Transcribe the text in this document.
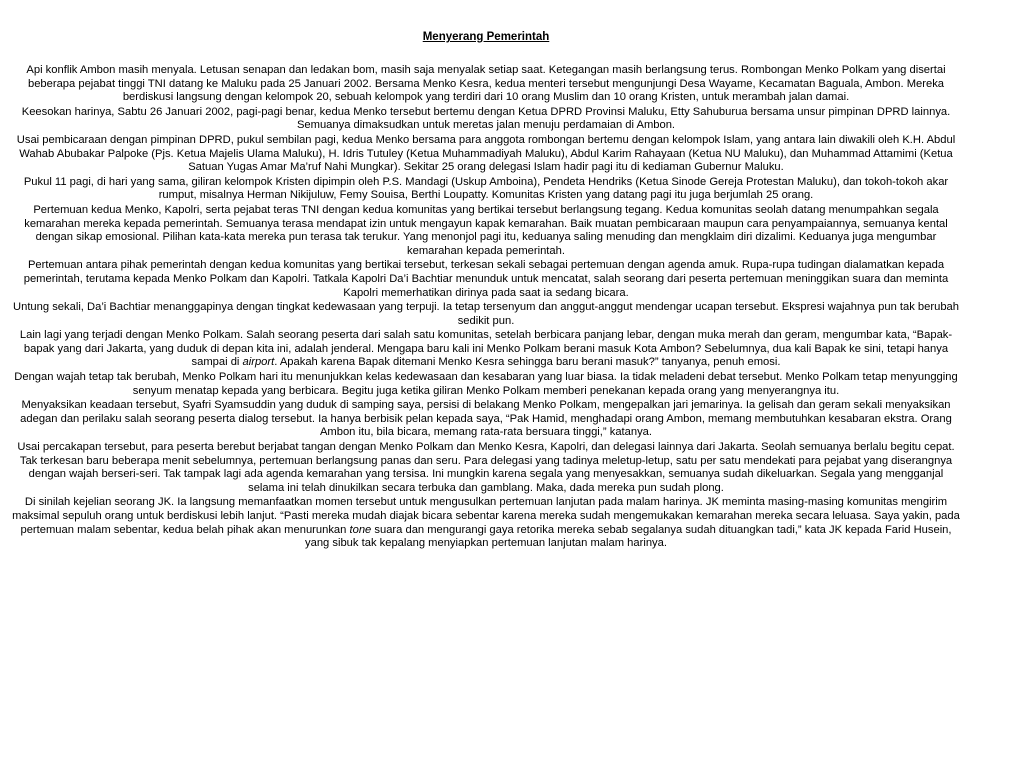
Menyerang Pemerintah

Api konflik Ambon masih menyala. Letusan senapan dan ledakan bom, masih saja menyalak setiap saat. Ketegangan masih berlangsung terus. Rombongan Menko Polkam yang disertai beberapa pejabat tinggi TNI datang ke Maluku pada 25 Januari 2002. Bersama Menko Kesra, kedua menteri tersebut mengunjungi Desa Wayame, Kecamatan Baguala, Ambon. Mereka berdiskusi langsung dengan kelompok 20, sebuah kelompok yang terdiri dari 10 orang Muslim dan 10 orang Kristen, untuk merambah jalan damai.

Keesokan harinya, Sabtu 26 Januari 2002, pagi-pagi benar, kedua Menko tersebut bertemu dengan Ketua DPRD Provinsi Maluku, Etty Sahuburua bersama unsur pimpinan DPRD lainnya. Semuanya dimaksudkan untuk meretas jalan menuju perdamaian di Ambon.

Usai pembicaraan dengan pimpinan DPRD, pukul sembilan pagi, kedua Menko bersama para anggota rombongan bertemu dengan kelompok Islam, yang antara lain diwakili oleh K.H. Abdul Wahab Abubakar Palpoke (Pjs. Ketua Majelis Ulama Maluku), H. Idris Tutuley (Ketua Muhammadiyah Maluku), Abdul Karim Rahayaan (Ketua NU Maluku), dan Muhammad Attamimi (Ketua Satuan Yugas Amar Ma’ruf Nahi Mungkar). Sekitar 25 orang delegasi Islam hadir pagi itu di kediaman Gubernur Maluku.

Pukul 11 pagi, di hari yang sama, giliran kelompok Kristen dipimpin oleh P.S. Mandagi (Uskup Amboina), Pendeta Hendriks (Ketua Sinode Gereja Protestan Maluku), dan tokoh-tokoh akar rumput, misalnya Herman Nikijuluw, Femy Souisa, Berthi Loupatty. Komunitas Kristen yang datang pagi itu juga berjumlah 25 orang.

Pertemuan kedua Menko, Kapolri, serta pejabat teras TNI dengan kedua komunitas yang bertikai tersebut berlangsung tegang. Kedua komunitas seolah datang menumpahkan segala kemarahan mereka kepada pemerintah. Semuanya terasa mendapat izin untuk mengayun kapak kemarahan. Baik muatan pembicaraan maupun cara penyampaiannya, semuanya kental dengan sikap emosional. Pilihan kata-kata mereka pun terasa tak terukur. Yang menonjol pagi itu, keduanya saling menuding dan mengklaim diri dizalimi. Keduanya juga mengumbar kemarahan kepada pemerintah.

Pertemuan antara pihak pemerintah dengan kedua komunitas yang bertikai tersebut, terkesan sekali sebagai pertemuan dengan agenda amuk. Rupa-rupa tudingan dialamatkan kepada pemerintah, terutama kepada Menko Polkam dan Kapolri. Tatkala Kapolri Da’i Bachtiar menunduk untuk mencatat, salah seorang dari peserta pertemuan meninggikan suara dan meminta Kapolri memerhatikan dirinya pada saat ia sedang bicara.

Untung sekali, Da’i Bachtiar menanggapinya dengan tingkat kedewasaan yang terpuji. Ia tetap tersenyum dan anggut-anggut mendengar ucapan tersebut. Ekspresi wajahnya pun tak berubah sedikit pun.

Lain lagi yang terjadi dengan Menko Polkam. Salah seorang peserta dari salah satu komunitas, setelah berbicara panjang lebar, dengan muka merah dan geram, mengumbar kata, “Bapak-bapak yang dari Jakarta, yang duduk di depan kita ini, adalah jenderal. Mengapa baru kali ini Menko Polkam berani masuk Kota Ambon? Sebelumnya, dua kali Bapak ke sini, tetapi hanya sampai di airport. Apakah karena Bapak ditemani Menko Kesra sehingga baru berani masuk?” tanyanya, penuh emosi.

Dengan wajah tetap tak berubah, Menko Polkam hari itu menunjukkan kelas kedewasaan dan kesabaran yang luar biasa. Ia tidak meladeni debat tersebut. Menko Polkam tetap menyungging senyum menatap kepada yang berbicara. Begitu juga ketika giliran Menko Polkam memberi penekanan kepada orang yang menyerangnya itu.

Menyaksikan keadaan tersebut, Syafri Syamsuddin yang duduk di samping saya, persisi di belakang Menko Polkam, mengepalkan jari jemarinya. Ia gelisah dan geram sekali menyaksikan adegan dan perilaku salah seorang peserta dialog tersebut. Ia hanya berbisik pelan kepada saya, “Pak Hamid, menghadapi orang Ambon, memang membutuhkan kesabaran ekstra. Orang Ambon itu, bila bicara, memang rata-rata bersuara tinggi,” katanya.

Usai percakapan tersebut, para peserta berebut berjabat tangan dengan Menko Polkam dan Menko Kesra, Kapolri, dan delegasi lainnya dari Jakarta. Seolah semuanya berlalu begitu cepat. Tak terkesan baru beberapa menit sebelumnya, pertemuan berlangsung panas dan seru. Para delegasi yang tadinya meletup-letup, satu per satu mendekati para pejabat yang diserangnya dengan wajah berseri-seri. Tak tampak lagi ada agenda kemarahan yang tersisa. Ini mungkin karena segala yang menyesakkan, semuanya sudah dikeluarkan. Segala yang mengganjal selama ini telah dinukilkan secara terbuka dan gamblang. Maka, dada mereka pun sudah plong.

Di sinilah kejelian seorang JK. Ia langsung memanfaatkan momen tersebut untuk mengusulkan pertemuan lanjutan pada malam harinya. JK meminta masing-masing komunitas mengirim maksimal sepuluh orang untuk berdiskusi lebih lanjut. “Pasti mereka mudah diajak bicara sebentar karena mereka sudah mengemukakan kemarahan mereka secara leluasa. Saya yakin, pada pertemuan malam sebentar, kedua belah pihak akan menurunkan tone suara dan mengurangi gaya retorika mereka sebab segalanya sudah dituangkan tadi,” kata JK kepada Farid Husein, yang sibuk tak kepalang menyiapkan pertemuan lanjutan malam harinya.
